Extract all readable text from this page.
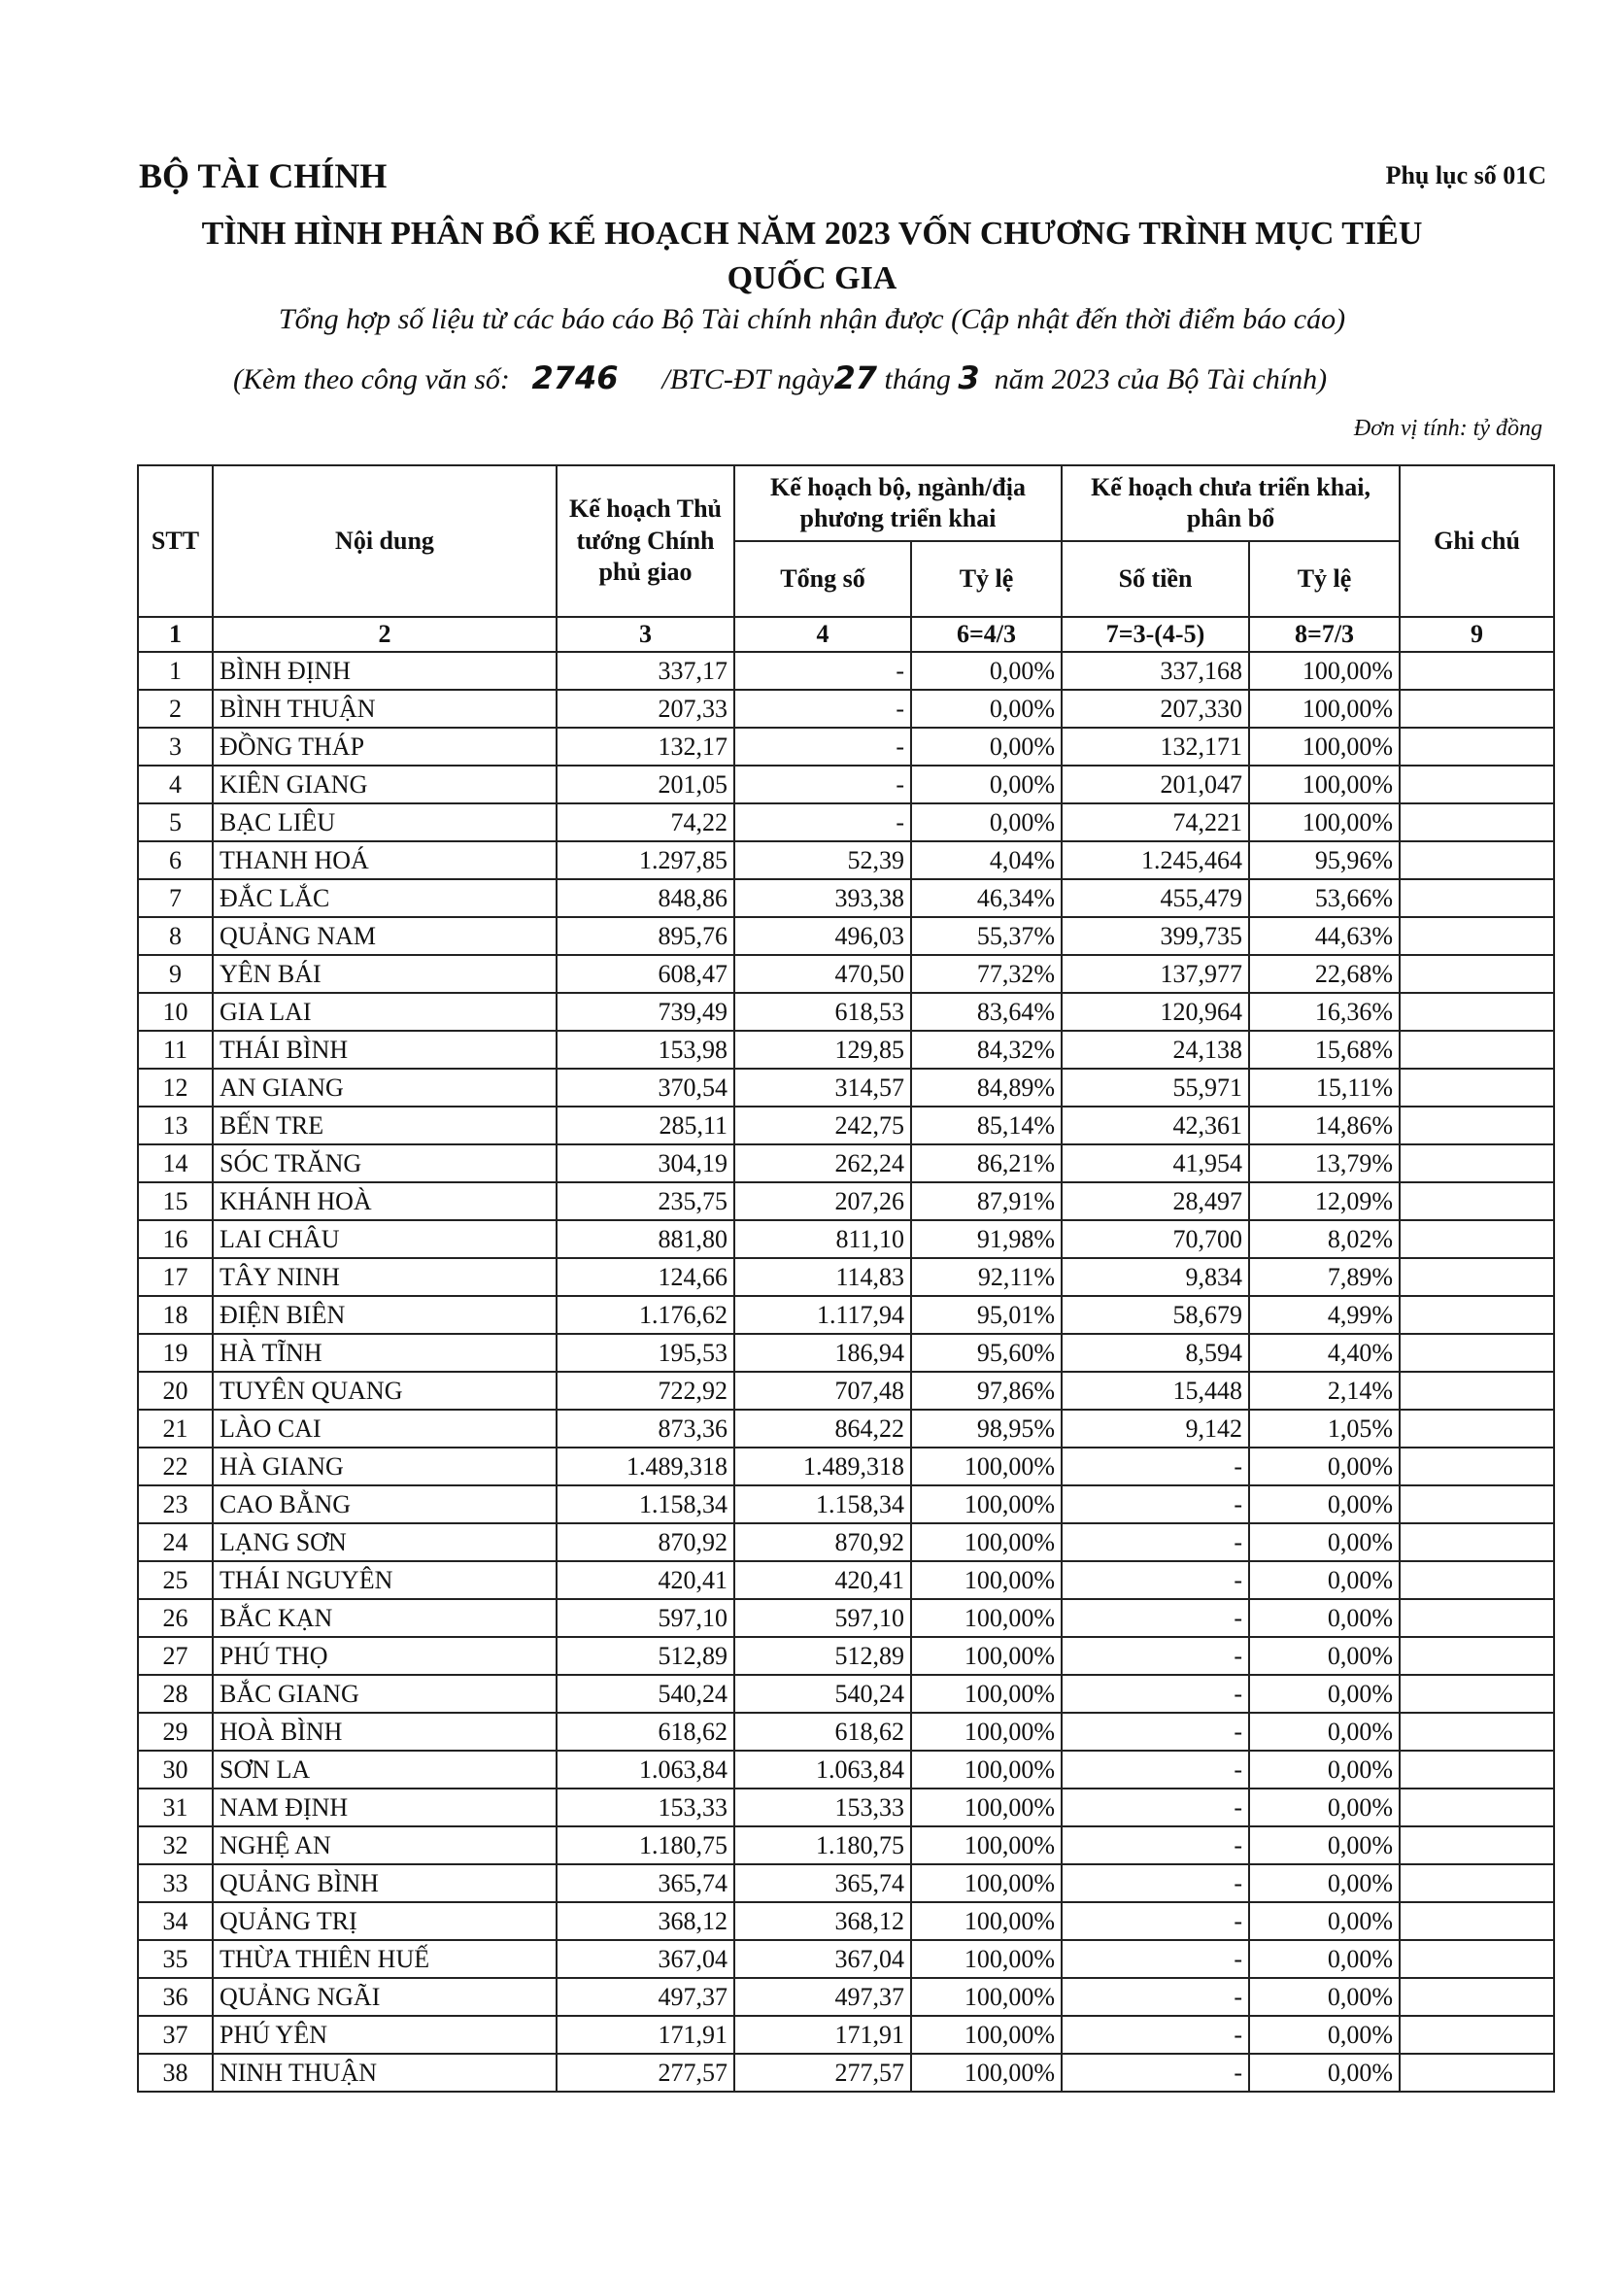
BỘ TÀI CHÍNH	Phụ lục số 01C
TÌNH HÌNH PHÂN BỔ KẾ HOẠCH NĂM 2023 VỐN CHƯƠNG TRÌNH MỤC TIÊU
QUỐC GIA
Tổng hợp số liệu từ các báo cáo Bộ Tài chính nhận được (Cập nhật đến thời điểm báo cáo)
(Kèm theo công văn số: 2746 /BTC-ĐT ngày27 tháng 3 năm 2023 của Bộ Tài chính)
Đơn vị tính: tỷ đồng
STT	Nội dung	Kế hoạch Thủ tướng Chính phủ giao	Kế hoạch bộ, ngành/địa phương triển khai		Kế hoạch chưa triển khai, phân bổ		Ghi chú
			Tổng số	Tỷ lệ	Số tiền	Tỷ lệ	
1	2	3	4	6=4/3	7=3-(4-5)	8=7/3	9
1	BÌNH ĐỊNH	337,17	-	0,00%	337,168	100,00%	
2	BÌNH THUẬN	207,33	-	0,00%	207,330	100,00%	
3	ĐỒNG THÁP	132,17	-	0,00%	132,171	100,00%	
4	KIÊN GIANG	201,05	-	0,00%	201,047	100,00%	
5	BẠC LIÊU	74,22	-	0,00%	74,221	100,00%	
6	THANH HOÁ	1.297,85	52,39	4,04%	1.245,464	95,96%	
7	ĐẮC LẮC	848,86	393,38	46,34%	455,479	53,66%	
8	QUẢNG NAM	895,76	496,03	55,37%	399,735	44,63%	
9	YÊN BÁI	608,47	470,50	77,32%	137,977	22,68%	
10	GIA LAI	739,49	618,53	83,64%	120,964	16,36%	
11	THÁI BÌNH	153,98	129,85	84,32%	24,138	15,68%	
12	AN GIANG	370,54	314,57	84,89%	55,971	15,11%	
13	BẾN TRE	285,11	242,75	85,14%	42,361	14,86%	
14	SÓC TRĂNG	304,19	262,24	86,21%	41,954	13,79%	
15	KHÁNH HOÀ	235,75	207,26	87,91%	28,497	12,09%	
16	LAI CHÂU	881,80	811,10	91,98%	70,700	8,02%	
17	TÂY NINH	124,66	114,83	92,11%	9,834	7,89%	
18	ĐIỆN BIÊN	1.176,62	1.117,94	95,01%	58,679	4,99%	
19	HÀ TĨNH	195,53	186,94	95,60%	8,594	4,40%	
20	TUYÊN QUANG	722,92	707,48	97,86%	15,448	2,14%	
21	LÀO CAI	873,36	864,22	98,95%	9,142	1,05%	
22	HÀ GIANG	1.489,318	1.489,318	100,00%	-	0,00%	
23	CAO BẰNG	1.158,34	1.158,34	100,00%	-	0,00%	
24	LẠNG SƠN	870,92	870,92	100,00%	-	0,00%	
25	THÁI NGUYÊN	420,41	420,41	100,00%	-	0,00%	
26	BẮC KẠN	597,10	597,10	100,00%	-	0,00%	
27	PHÚ THỌ	512,89	512,89	100,00%	-	0,00%	
28	BẮC GIANG	540,24	540,24	100,00%	-	0,00%	
29	HOÀ BÌNH	618,62	618,62	100,00%	-	0,00%	
30	SƠN LA	1.063,84	1.063,84	100,00%	-	0,00%	
31	NAM ĐỊNH	153,33	153,33	100,00%	-	0,00%	
32	NGHỆ AN	1.180,75	1.180,75	100,00%	-	0,00%	
33	QUẢNG BÌNH	365,74	365,74	100,00%	-	0,00%	
34	QUẢNG TRỊ	368,12	368,12	100,00%	-	0,00%	
35	THỪA THIÊN HUẾ	367,04	367,04	100,00%	-	0,00%	
36	QUẢNG NGÃI	497,37	497,37	100,00%	-	0,00%	
37	PHÚ YÊN	171,91	171,91	100,00%	-	0,00%	
38	NINH THUẬN	277,57	277,57	100,00%	-	0,00%	
